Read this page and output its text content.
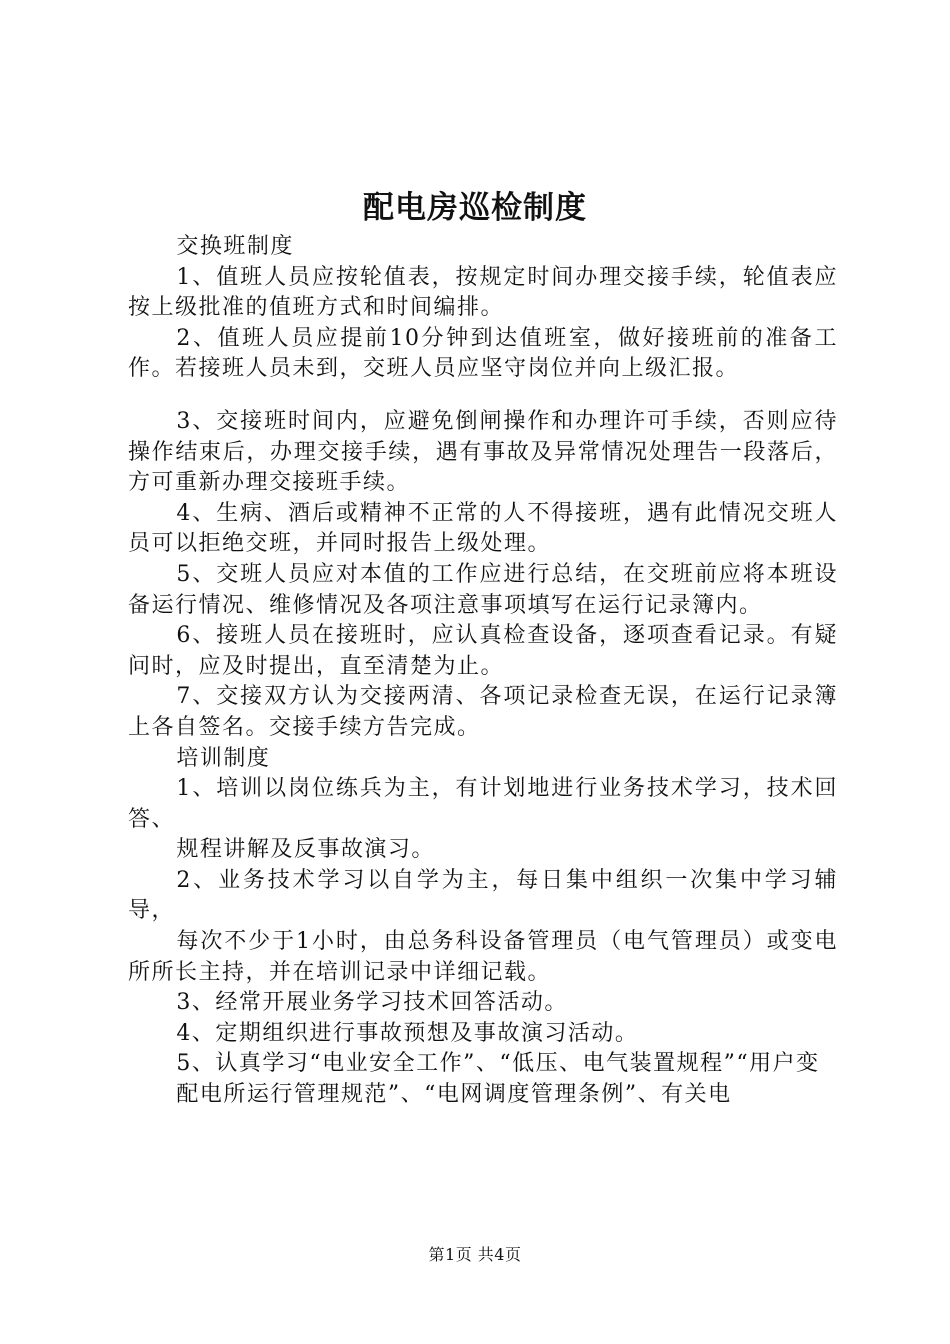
配电房巡检制度

交换班制度

1、值班人员应按轮值表，按规定时间办理交接手续，轮值表应按上级批准的值班方式和时间编排。

2、值班人员应提前10分钟到达值班室，做好接班前的准备工作。若接班人员未到，交班人员应坚守岗位并向上级汇报。

3、交接班时间内，应避免倒闸操作和办理许可手续，否则应待操作结束后，办理交接手续，遇有事故及异常情况处理告一段落后，方可重新办理交接班手续。

4、生病、酒后或精神不正常的人不得接班，遇有此情况交班人员可以拒绝交班，并同时报告上级处理。

5、交班人员应对本值的工作应进行总结，在交班前应将本班设备运行情况、维修情况及各项注意事项填写在运行记录簿内。

6、接班人员在接班时，应认真检查设备，逐项查看记录。有疑问时，应及时提出，直至清楚为止。

7、交接双方认为交接两清、各项记录检查无误，在运行记录簿上各自签名。交接手续方告完成。

培训制度

1、培训以岗位练兵为主，有计划地进行业务技术学习，技术回答、

规程讲解及反事故演习。

2、业务技术学习以自学为主，每日集中组织一次集中学习辅导，

每次不少于1小时，由总务科设备管理员（电气管理员）或变电所所长主持，并在培训记录中详细记载。

3、经常开展业务学习技术回答活动。

4、定期组织进行事故预想及事故演习活动。

5、认真学习“电业安全工作”、“低压、电气装置规程”“用户变

配电所运行管理规范”、“电网调度管理条例”、有关电

第1页 共4页
